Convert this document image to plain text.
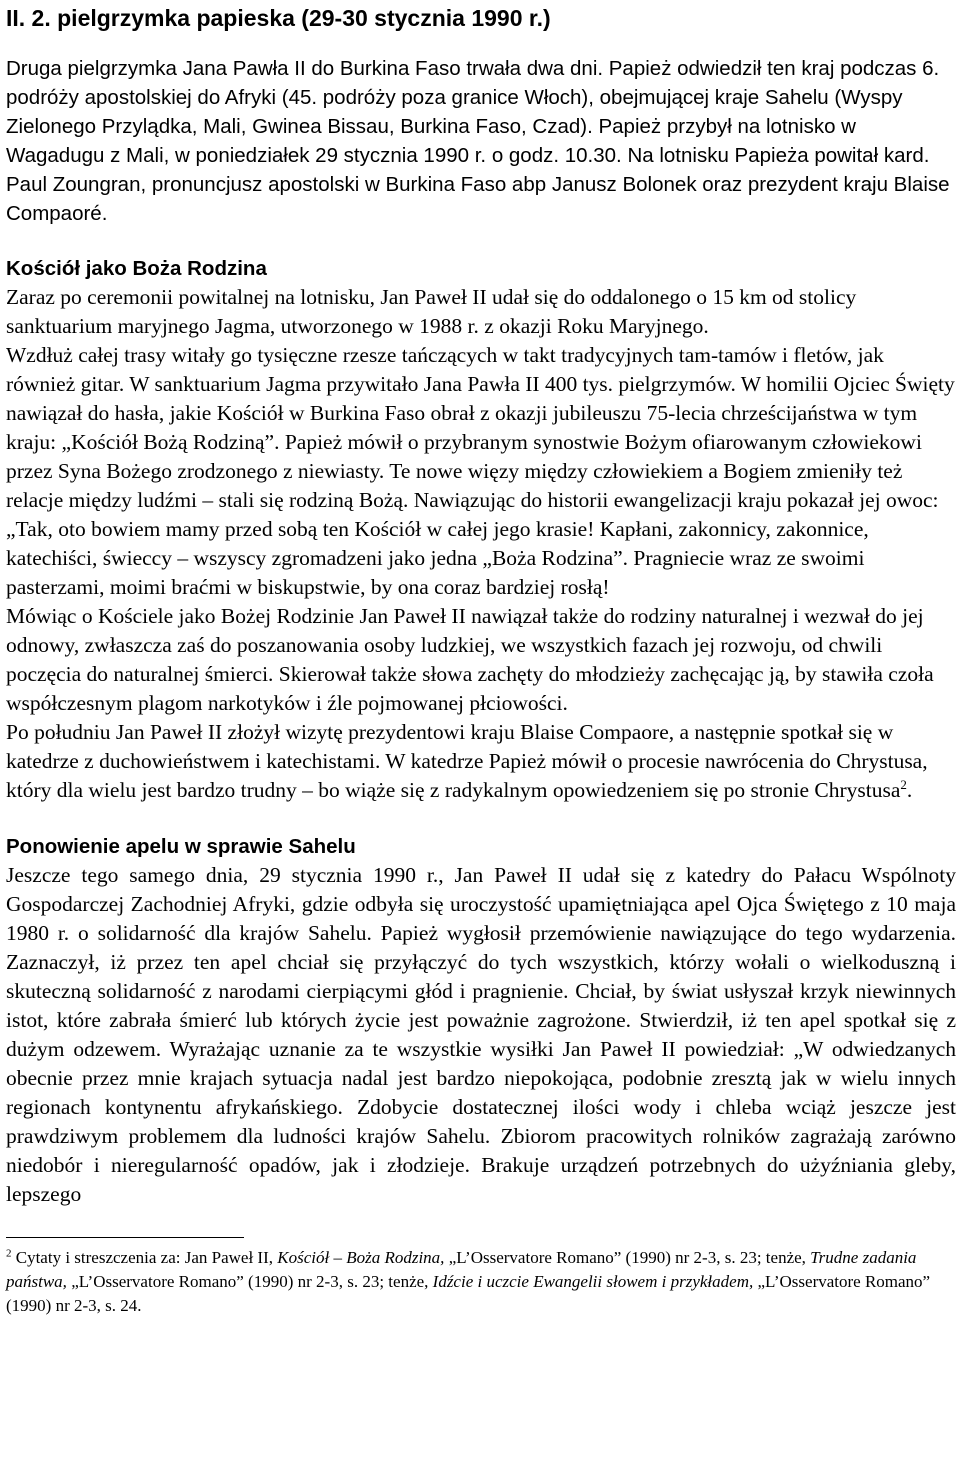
II. 2. pielgrzymka papieska (29-30 stycznia 1990 r.)

Druga pielgrzymka Jana Pawła II do Burkina Faso trwała dwa dni. Papież odwiedził ten kraj podczas 6. podróży apostolskiej do Afryki (45. podróży poza granice Włoch), obejmującej kraje Sahelu (Wyspy Zielonego Przylądka, Mali, Gwinea Bissau, Burkina Faso, Czad). Papież przybył na lotnisko w Wagadugu z Mali, w poniedziałek 29 stycznia 1990 r. o godz. 10.30. Na lotnisku Papieża powitał kard. Paul Zoungran, pronuncjusz apostolski w Burkina Faso abp Janusz Bolonek oraz prezydent kraju Blaise Compaoré.

Kościół jako Boża Rodzina

Zaraz po ceremonii powitalnej na lotnisku, Jan Paweł II udał się do oddalonego o 15 km od stolicy sanktuarium maryjnego Jagma, utworzonego w 1988 r. z okazji Roku Maryjnego.

Wzdłuż całej trasy witały go tysięczne rzesze tańczących w takt tradycyjnych tam-tamów i fletów, jak również gitar. W sanktuarium Jagma przywitało Jana Pawła II 400 tys. pielgrzymów. W homilii Ojciec Święty nawiązał do hasła, jakie Kościół w Burkina Faso obrał z okazji jubileuszu 75-lecia chrześcijaństwa w tym kraju: „Kościół Bożą Rodziną”. Papież mówił o przybranym synostwie Bożym ofiarowanym człowiekowi przez Syna Bożego zrodzonego z niewiasty. Te nowe więzy między człowiekiem a Bogiem zmieniły też relacje między ludźmi – stali się rodziną Bożą. Nawiązując do historii ewangelizacji kraju pokazał jej owoc: „Tak, oto bowiem mamy przed sobą ten Kościół w całej jego krasie! Kapłani, zakonnicy, zakonnice, katechiści, świeccy – wszyscy zgromadzeni jako jedna „Boża Rodzina”. Pragniecie wraz ze swoimi pasterzami, moimi braćmi w biskupstwie, by ona coraz bardziej rosłą!

Mówiąc o Kościele jako Bożej Rodzinie Jan Paweł II nawiązał także do rodziny naturalnej i wezwał do jej odnowy, zwłaszcza zaś do poszanowania osoby ludzkiej, we wszystkich fazach jej rozwoju, od chwili poczęcia do naturalnej śmierci. Skierował także słowa zachęty do młodzieży zachęcając ją, by stawiła czoła współczesnym plagom narkotyków i źle pojmowanej płciowości.

Po południu Jan Paweł II złożył wizytę prezydentowi kraju Blaise Compaore, a następnie spotkał się w katedrze z duchowieństwem i katechistami. W katedrze Papież mówił o procesie nawrócenia do Chrystusa, który dla wielu jest bardzo trudny – bo wiąże się z radykalnym opowiedzeniem się po stronie Chrystusa$^2$.

Ponowienie apelu w sprawie Sahelu

Jeszcze tego samego dnia, 29 stycznia 1990 r., Jan Paweł II udał się z katedry do Pałacu Wspólnoty Gospodarczej Zachodniej Afryki, gdzie odbyła się uroczystość upamiętniająca apel Ojca Świętego z 10 maja 1980 r. o solidarność dla krajów Sahelu. Papież wygłosił przemówienie nawiązujące do tego wydarzenia. Zaznaczył, iż przez ten apel chciał się przyłączyć do tych wszystkich, którzy wołali o wielkoduszną i skuteczną solidarność z narodami cierpiącymi głód i pragnienie. Chciał, by świat usłyszał krzyk niewinnych istot, które zabrała śmierć lub których życie jest poważnie zagrożone. Stwierdził, iż ten apel spotkał się z dużym odzewem. Wyrażając uznanie za te wszystkie wysiłki Jan Paweł II powiedział: „W odwiedzanych obecnie przez mnie krajach sytuacja nadal jest bardzo niepokojąca, podobnie zresztą jak w wielu innych regionach kontynentu afrykańskiego. Zdobycie dostatecznej ilości wody i chleba wciąż jeszcze jest prawdziwym problemem dla ludności krajów Sahelu. Zbiorom pracowitych rolników zagrażają zarówno niedobór i nieregularność opadów, jak i złodzieje. Brakuje urządzeń potrzebnych do użyźniania gleby, lepszego

$^2$ Cytaty i streszczenia za: Jan Paweł II, Kościół – Boża Rodzina, „L’Osservatore Romano” (1990) nr 2-3, s. 23; tenże, Trudne zadania państwa, „L’Osservatore Romano” (1990) nr 2-3, s. 23; tenże, Idźcie i uczcie Ewangelii słowem i przykładem, „L’Osservatore Romano” (1990) nr 2-3, s. 24.
